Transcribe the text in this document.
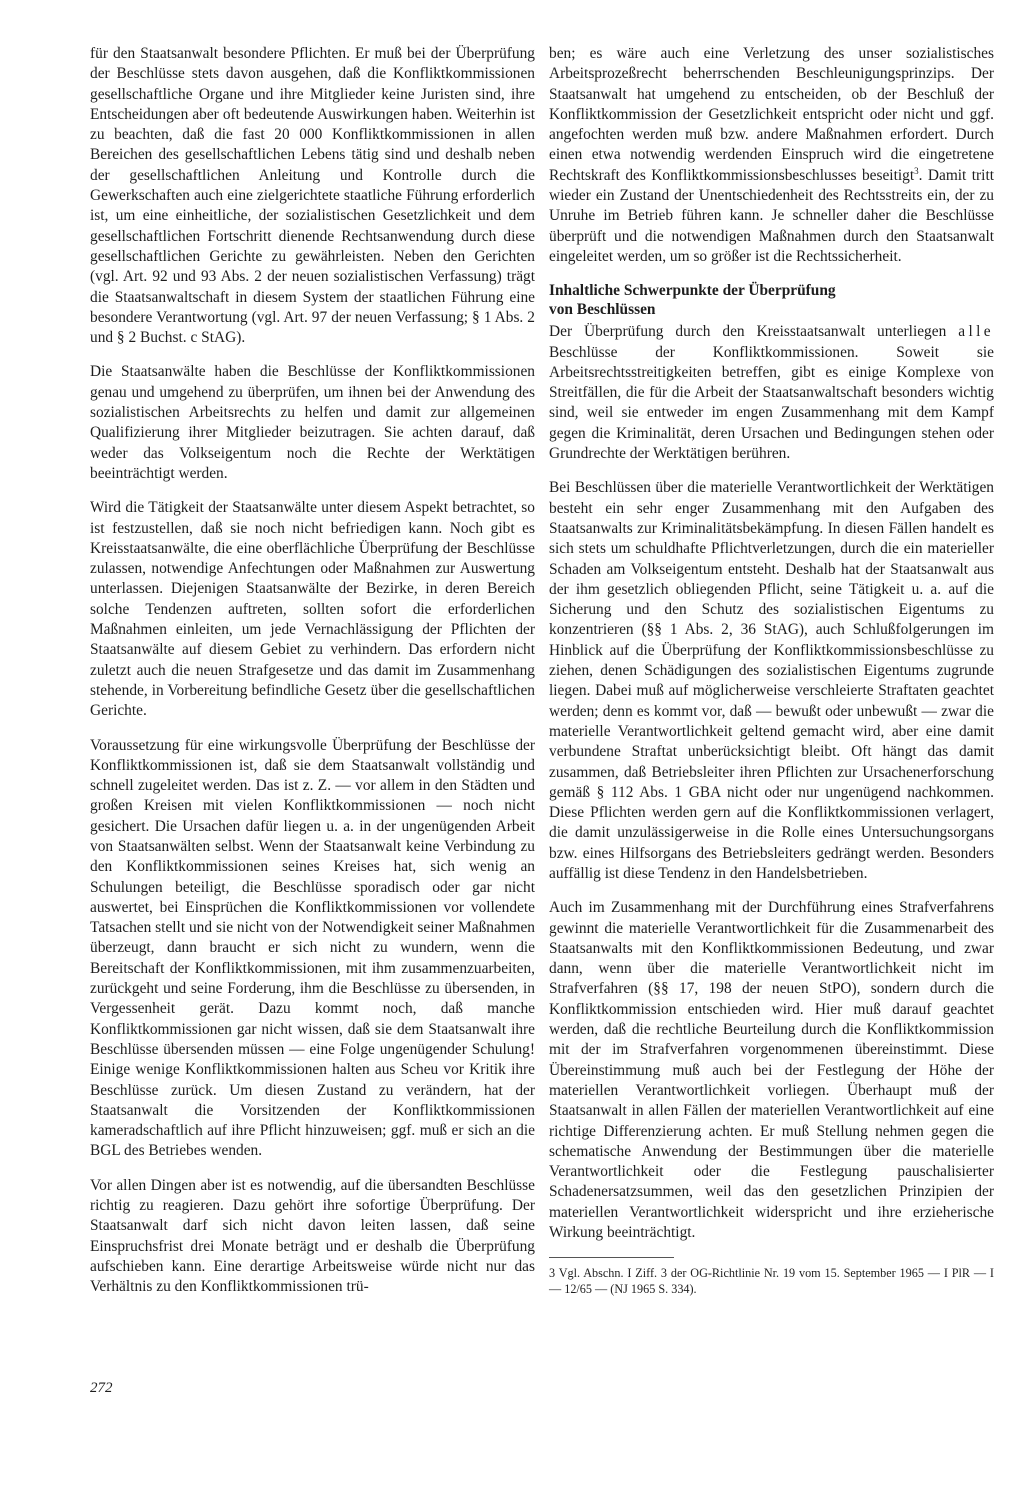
für den Staatsanwalt besondere Pflichten. Er muß bei der Überprüfung der Beschlüsse stets davon ausgehen, daß die Konfliktkommissionen gesellschaftliche Organe und ihre Mitglieder keine Juristen sind, ihre Entscheidungen aber oft bedeutende Auswirkungen haben. Weiterhin ist zu beachten, daß die fast 20 000 Konfliktkommissionen in allen Bereichen des gesellschaftlichen Lebens tätig sind und deshalb neben der gesellschaftlichen Anleitung und Kontrolle durch die Gewerkschaften auch eine zielgerichtete staatliche Führung erforderlich ist, um eine einheitliche, der sozialistischen Gesetzlichkeit und dem gesellschaftlichen Fortschritt dienende Rechtsanwendung durch diese gesellschaftlichen Gerichte zu gewährleisten. Neben den Gerichten (vgl. Art. 92 und 93 Abs. 2 der neuen sozialistischen Verfassung) trägt die Staatsanwaltschaft in diesem System der staatlichen Führung eine besondere Verantwortung (vgl. Art. 97 der neuen Verfassung; § 1 Abs. 2 und § 2 Buchst. c StAG).

Die Staatsanwälte haben die Beschlüsse der Konfliktkommissionen genau und umgehend zu überprüfen, um ihnen bei der Anwendung des sozialistischen Arbeitsrechts zu helfen und damit zur allgemeinen Qualifizierung ihrer Mitglieder beizutragen. Sie achten darauf, daß weder das Volkseigentum noch die Rechte der Werktätigen beeinträchtigt werden.

Wird die Tätigkeit der Staatsanwälte unter diesem Aspekt betrachtet, so ist festzustellen, daß sie noch nicht befriedigen kann. Noch gibt es Kreisstaatsanwälte, die eine oberflächliche Überprüfung der Beschlüsse zulassen, notwendige Anfechtungen oder Maßnahmen zur Auswertung unterlassen. Diejenigen Staatsanwälte der Bezirke, in deren Bereich solche Tendenzen auftreten, sollten sofort die erforderlichen Maßnahmen einleiten, um jede Vernachlässigung der Pflichten der Staatsanwälte auf diesem Gebiet zu verhindern. Das erfordern nicht zuletzt auch die neuen Strafgesetze und das damit im Zusammenhang stehende, in Vorbereitung befindliche Gesetz über die gesellschaftlichen Gerichte.

Voraussetzung für eine wirkungsvolle Überprüfung der Beschlüsse der Konfliktkommissionen ist, daß sie dem Staatsanwalt vollständig und schnell zugeleitet werden. Das ist z. Z. — vor allem in den Städten und großen Kreisen mit vielen Konfliktkommissionen — noch nicht gesichert. Die Ursachen dafür liegen u. a. in der ungenügenden Arbeit von Staatsanwälten selbst. Wenn der Staatsanwalt keine Verbindung zu den Konfliktkommissionen seines Kreises hat, sich wenig an Schulungen beteiligt, die Beschlüsse sporadisch oder gar nicht auswertet, bei Einsprüchen die Konfliktkommissionen vor vollendete Tatsachen stellt und sie nicht von der Notwendigkeit seiner Maßnahmen überzeugt, dann braucht er sich nicht zu wundern, wenn die Bereitschaft der Konfliktkommissionen, mit ihm zusammenzuarbeiten, zurückgeht und seine Forderung, ihm die Beschlüsse zu übersenden, in Vergessenheit gerät. Dazu kommt noch, daß manche Konfliktkommissionen gar nicht wissen, daß sie dem Staatsanwalt ihre Beschlüsse übersenden müssen — eine Folge ungenügender Schulung! Einige wenige Konfliktkommissionen halten aus Scheu vor Kritik ihre Beschlüsse zurück. Um diesen Zustand zu verändern, hat der Staatsanwalt die Vorsitzenden der Konfliktkommissionen kameradschaftlich auf ihre Pflicht hinzuweisen; ggf. muß er sich an die BGL des Betriebes wenden.

Vor allen Dingen aber ist es notwendig, auf die übersandten Beschlüsse richtig zu reagieren. Dazu gehört ihre sofortige Überprüfung. Der Staatsanwalt darf sich nicht davon leiten lassen, daß seine Einspruchsfrist drei Monate beträgt und er deshalb die Überprüfung aufschieben kann. Eine derartige Arbeitsweise würde nicht nur das Verhältnis zu den Konfliktkommissionen trü-

ben; es wäre auch eine Verletzung des unser sozialistisches Arbeitsprozeßrecht beherrschenden Beschleunigungsprinzips. Der Staatsanwalt hat umgehend zu entscheiden, ob der Beschluß der Konfliktkommission der Gesetzlichkeit entspricht oder nicht und ggf. angefochten werden muß bzw. andere Maßnahmen erfordert. Durch einen etwa notwendig werdenden Einspruch wird die eingetretene Rechtskraft des Konfliktkommissionsbeschlusses beseitigt$^3$. Damit tritt wieder ein Zustand der Unentschiedenheit des Rechtsstreits ein, der zu Unruhe im Betrieb führen kann. Je schneller daher die Beschlüsse überprüft und die notwendigen Maßnahmen durch den Staatsanwalt eingeleitet werden, um so größer ist die Rechtssicherheit.

Inhaltliche Schwerpunkte der Überprüfung
von Beschlüssen

Der Überprüfung durch den Kreisstaatsanwalt unterliegen alle Beschlüsse der Konfliktkommissionen. Soweit sie Arbeitsrechtsstreitigkeiten betreffen, gibt es einige Komplexe von Streitfällen, die für die Arbeit der Staatsanwaltschaft besonders wichtig sind, weil sie entweder im engen Zusammenhang mit dem Kampf gegen die Kriminalität, deren Ursachen und Bedingungen stehen oder Grundrechte der Werktätigen berühren.

Bei Beschlüssen über die materielle Verantwortlichkeit der Werktätigen besteht ein sehr enger Zusammenhang mit den Aufgaben des Staatsanwalts zur Kriminalitätsbekämpfung. In diesen Fällen handelt es sich stets um schuldhafte Pflichtverletzungen, durch die ein materieller Schaden am Volkseigentum entsteht. Deshalb hat der Staatsanwalt aus der ihm gesetzlich obliegenden Pflicht, seine Tätigkeit u. a. auf die Sicherung und den Schutz des sozialistischen Eigentums zu konzentrieren (§§ 1 Abs. 2, 36 StAG), auch Schlußfolgerungen im Hinblick auf die Überprüfung der Konfliktkommissionsbeschlüsse zu ziehen, denen Schädigungen des sozialistischen Eigentums zugrunde liegen. Dabei muß auf möglicherweise verschleierte Straftaten geachtet werden; denn es kommt vor, daß — bewußt oder unbewußt — zwar die materielle Verantwortlichkeit geltend gemacht wird, aber eine damit verbundene Straftat unberücksichtigt bleibt. Oft hängt das damit zusammen, daß Betriebsleiter ihren Pflichten zur Ursachenerforschung gemäß § 112 Abs. 1 GBA nicht oder nur ungenügend nachkommen. Diese Pflichten werden gern auf die Konfliktkommissionen verlagert, die damit unzulässigerweise in die Rolle eines Untersuchungsorgans bzw. eines Hilfsorgans des Betriebsleiters gedrängt werden. Besonders auffällig ist diese Tendenz in den Handelsbetrieben.

Auch im Zusammenhang mit der Durchführung eines Strafverfahrens gewinnt die materielle Verantwortlichkeit für die Zusammenarbeit des Staatsanwalts mit den Konfliktkommissionen Bedeutung, und zwar dann, wenn über die materielle Verantwortlichkeit nicht im Strafverfahren (§§ 17, 198 der neuen StPO), sondern durch die Konfliktkommission entschieden wird. Hier muß darauf geachtet werden, daß die rechtliche Beurteilung durch die Konfliktkommission mit der im Strafverfahren vorgenommenen übereinstimmt. Diese Übereinstimmung muß auch bei der Festlegung der Höhe der materiellen Verantwortlichkeit vorliegen. Überhaupt muß der Staatsanwalt in allen Fällen der materiellen Verantwortlichkeit auf eine richtige Differenzierung achten. Er muß Stellung nehmen gegen die schematische Anwendung der Bestimmungen über die materielle Verantwortlichkeit oder die Festlegung pauschalisierter Schadenersatzsummen, weil das den gesetzlichen Prinzipien der materiellen Verantwortlichkeit widerspricht und ihre erzieherische Wirkung beeinträchtigt.

3 Vgl. Abschn. I Ziff. 3 der OG-Richtlinie Nr. 19 vom 15. September 1965 — I PlR — I — 12/65 — (NJ 1965 S. 334).

272
